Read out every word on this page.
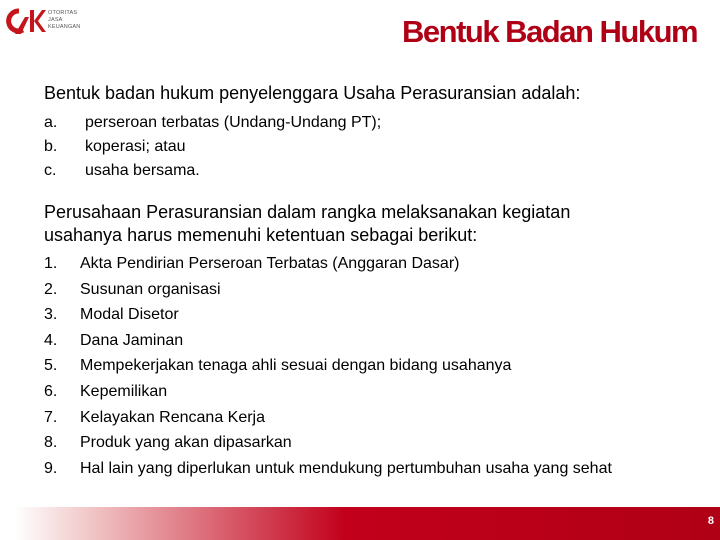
OTORITAS
JASA
KEUANGAN	Bentuk Badan Hukum
Bentuk badan hukum penyelenggara Usaha Perasuransian adalah:
a. perseroan terbatas (Undang-Undang PT);
b. koperasi; atau
c. usaha bersama.
Perusahaan Perasuransian dalam rangka melaksanakan kegiatan
usahanya harus memenuhi ketentuan sebagai berikut:
1. Akta Pendirian Perseroan Terbatas (Anggaran Dasar)
2. Susunan organisasi
3. Modal Disetor
4. Dana Jaminan
5. Mempekerjakan tenaga ahli sesuai dengan bidang usahanya
6. Kepemilikan
7. Kelayakan Rencana Kerja
8. Produk yang akan dipasarkan
9. Hal lain yang diperlukan untuk mendukung pertumbuhan usaha yang sehat
8
